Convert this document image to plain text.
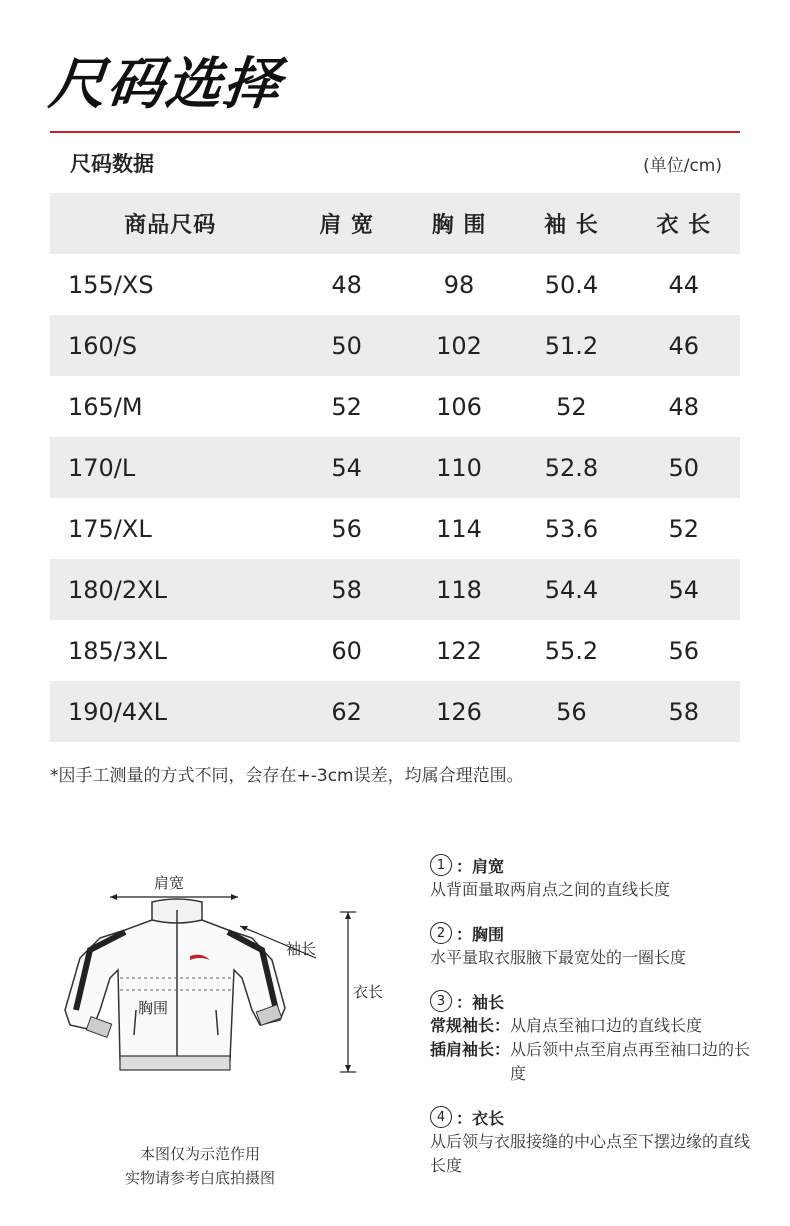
尺码选择
尺码数据	(单位/cm)
商品尺码	肩 宽	胸 围	袖 长	衣 长
155/XS	48	98	50.4	44
160/S	50	102	51.2	46
165/M	52	106	52	48
170/L	54	110	52.8	50
175/XL	56	114	53.6	52
180/2XL	58	118	54.4	54
185/3XL	60	122	55.2	56
190/4XL	62	126	56	58
*因手工测量的方式不同，会存在+-3cm误差，均属合理范围。
肩宽
袖长
胸围
衣长
本图仅为示范作用
实物请参考白底拍摄图
1 ： 肩宽
从背面量取两肩点之间的直线长度
2 ： 胸围
水平量取衣服腋下最宽处的一圈长度
3 ： 袖长
常规袖长： 从肩点至袖口边的直线长度
插肩袖长： 从后领中点至肩点再至袖口边的长度
4 ： 衣长
从后领与衣服接缝的中心点至下摆边缘的直线长度
